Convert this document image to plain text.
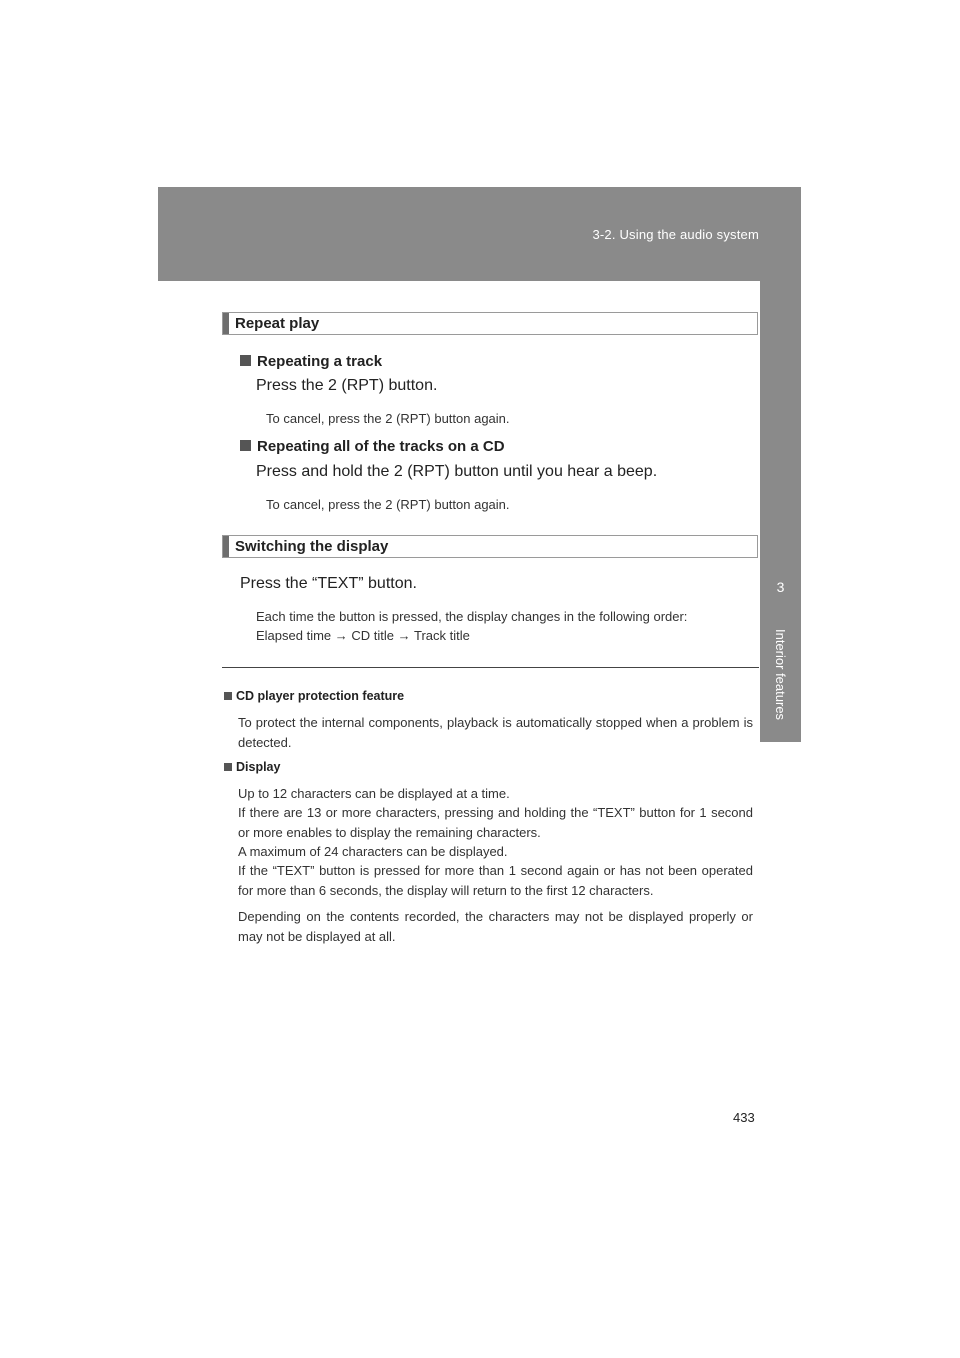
3-2. Using the audio system
3
Interior features
Repeat play
Repeating a track
Press the 2 (RPT) button.
To cancel, press the 2 (RPT) button again.
Repeating all of the tracks on a CD
Press and hold the 2 (RPT) button until you hear a beep.
To cancel, press the 2 (RPT) button again.
Switching the display
Press the “TEXT” button.
Each time the button is pressed, the display changes in the following order:
Elapsed time → CD title → Track title
CD player protection feature
To protect the internal components, playback is automatically stopped when a problem is detected.
Display
Up to 12 characters can be displayed at a time.
If there are 13 or more characters, pressing and holding the “TEXT” button for 1 second or more enables to display the remaining characters.
A maximum of 24 characters can be displayed.
If the “TEXT” button is pressed for more than 1 second again or has not been operated for more than 6 seconds, the display will return to the first 12 characters.
Depending on the contents recorded, the characters may not be displayed properly or may not be displayed at all.
433
